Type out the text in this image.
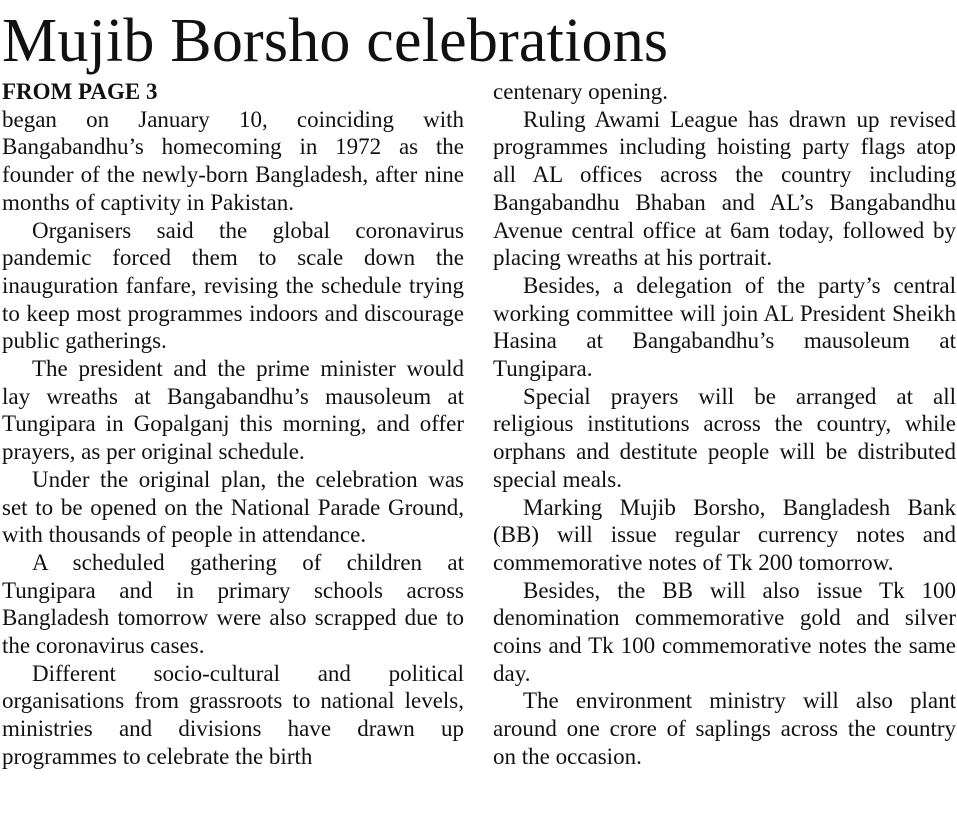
Mujib Borsho celebrations
FROM PAGE 3

began on January 10, coinciding with Bangabandhu’s homecoming in 1972 as the founder of the newly-born Bangladesh, after nine months of captivity in Pakistan.

Organisers said the global coronavirus pandemic forced them to scale down the inauguration fanfare, revising the schedule trying to keep most programmes indoors and discourage public gatherings.

The president and the prime minister would lay wreaths at Bangabandhu’s mausoleum at Tungipara in Gopalganj this morning, and offer prayers, as per original schedule.

Under the original plan, the celebration was set to be opened on the National Parade Ground, with thousands of people in attendance.

A scheduled gathering of children at Tungipara and in primary schools across Bangladesh tomorrow were also scrapped due to the coronavirus cases.

Different socio-cultural and political organisations from grassroots to national levels, ministries and divisions have drawn up programmes to celebrate the birth

centenary opening.

Ruling Awami League has drawn up revised programmes including hoisting party flags atop all AL offices across the country including Bangabandhu Bhaban and AL’s Bangabandhu Avenue central office at 6am today, followed by placing wreaths at his portrait.

Besides, a delegation of the party’s central working committee will join AL President Sheikh Hasina at Bangabandhu’s mausoleum at Tungipara.

Special prayers will be arranged at all religious institutions across the country, while orphans and destitute people will be distributed special meals.

Marking Mujib Borsho, Bangladesh Bank (BB) will issue regular currency notes and commemorative notes of Tk 200 tomorrow.

Besides, the BB will also issue Tk 100 denomination commemorative gold and silver coins and Tk 100 commemorative notes the same day.

The environment ministry will also plant around one crore of saplings across the country on the occasion.
